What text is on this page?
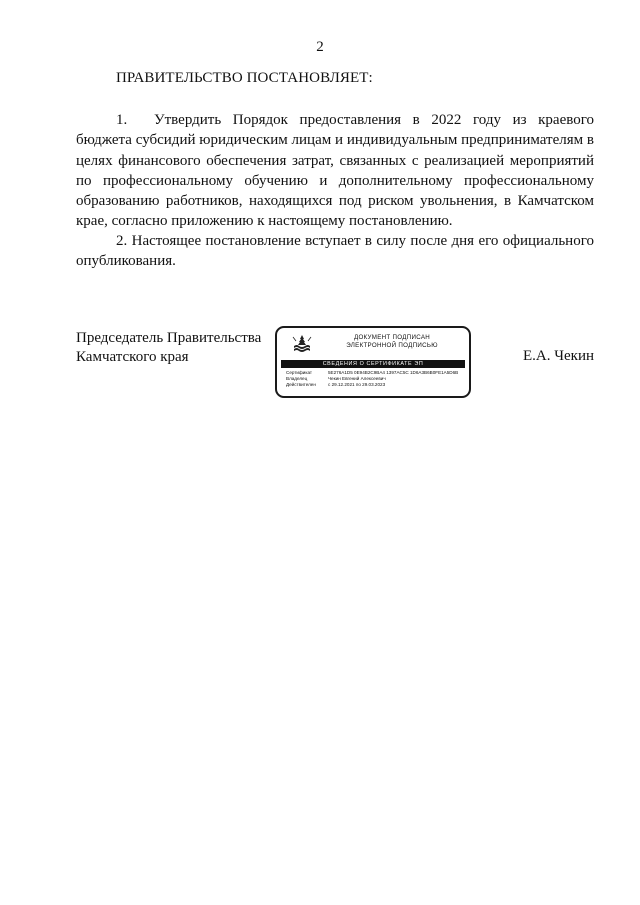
2
ПРАВИТЕЛЬСТВО ПОСТАНОВЛЯЕТ:

1. Утвердить Порядок предоставления в 2022 году из краевого бюджета субсидий юридическим лицам и индивидуальным предпринимателям в целях финансового обеспечения затрат, связанных с реализацией мероприятий по профессиональному обучению и дополнительному профессиональному образованию работников, находящихся под риском увольнения, в Камчатском крае, согласно приложению к настоящему постановлению.

2. Настоящее постановление вступает в силу после дня его официального опубликования.

Председатель Правительства
Камчатского края
ДОКУМЕНТ ПОДПИСАН
ЭЛЕКТРОННОЙ ПОДПИСЬЮ
СВЕДЕНИЯ О СЕРТИФИКАТЕ ЭП
Сертификат	5E276A1D5 0E94B2C9BA4 1397AC5C 1D6A3B6B0FE1A5D6B
Владелец	Чекин Евгений Алексеевич
Действителен	с 29.12.2021 по 29.03.2023
Е.А. Чекин
